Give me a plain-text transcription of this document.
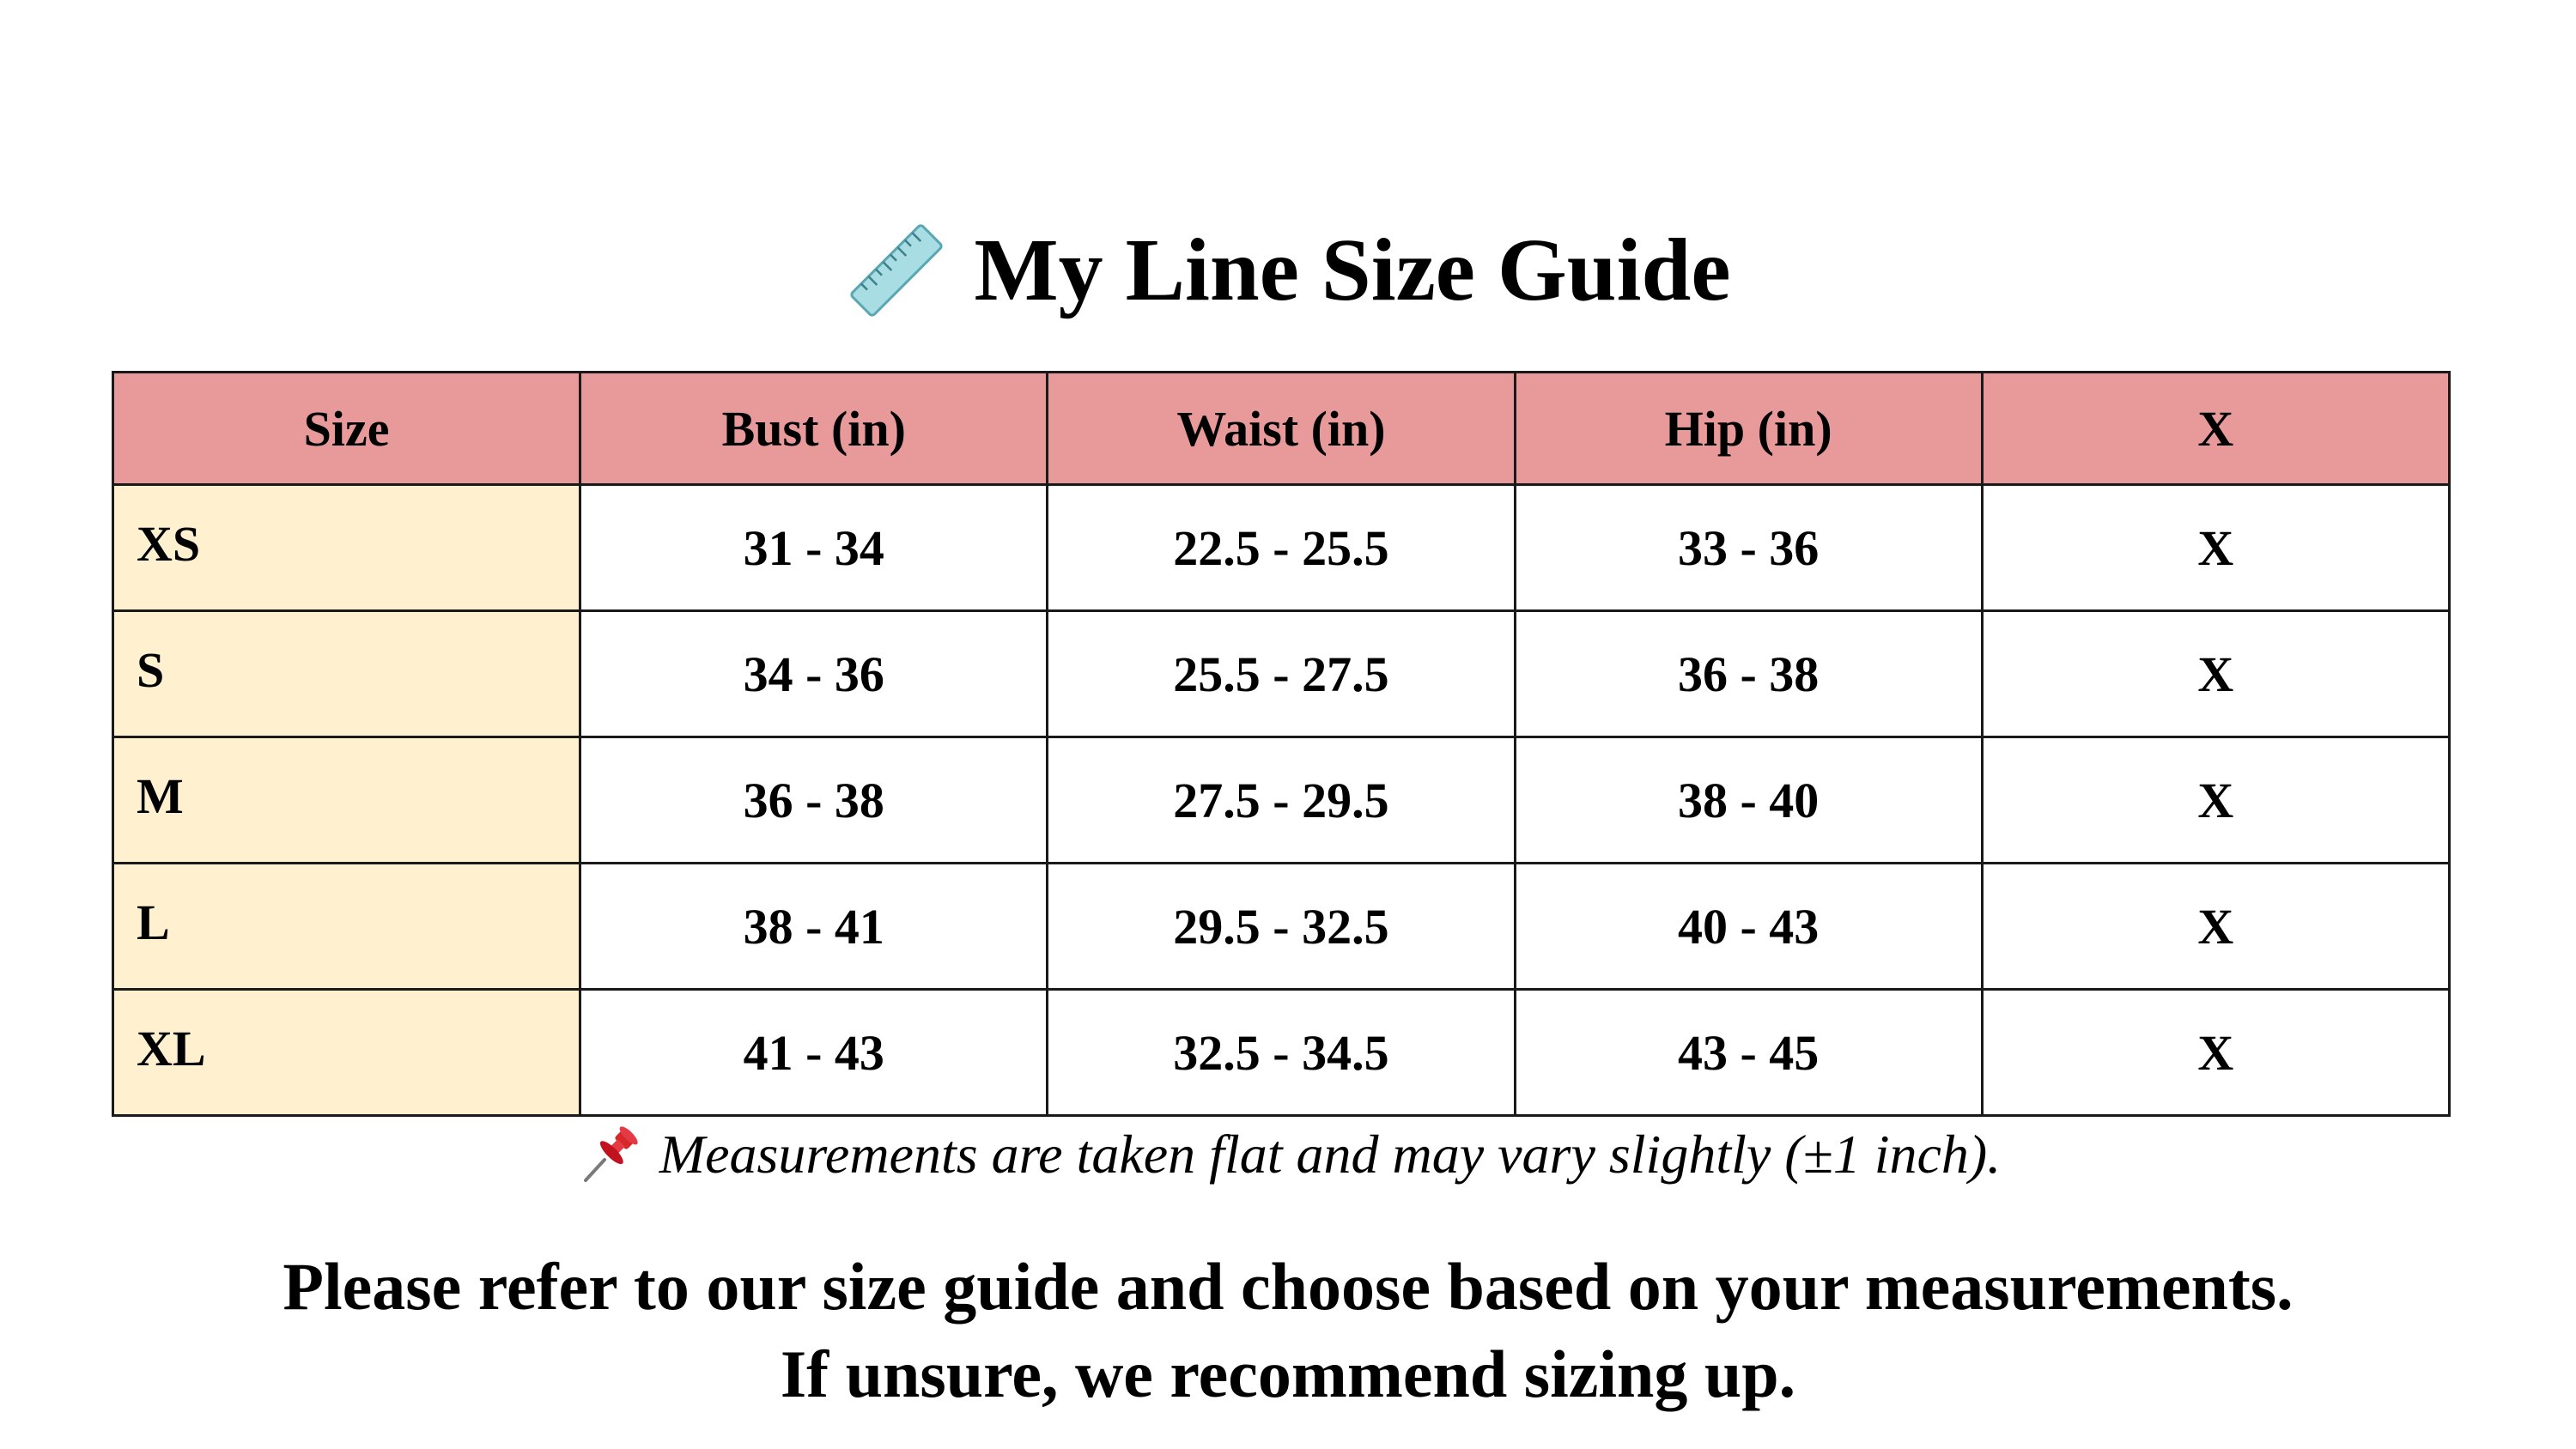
My Line Size Guide
Size	Bust (in)	Waist (in)	Hip (in)	X
XS	31 - 34	22.5 - 25.5	33 - 36	X
S	34 - 36	25.5 - 27.5	36 - 38	X
M	36 - 38	27.5 - 29.5	38 - 40	X
L	38 - 41	29.5 - 32.5	40 - 43	X
XL	41 - 43	32.5 - 34.5	43 - 45	X
Measurements are taken flat and may vary slightly (±1 inch).
Please refer to our size guide and choose based on your measurements.
If unsure, we recommend sizing up.
